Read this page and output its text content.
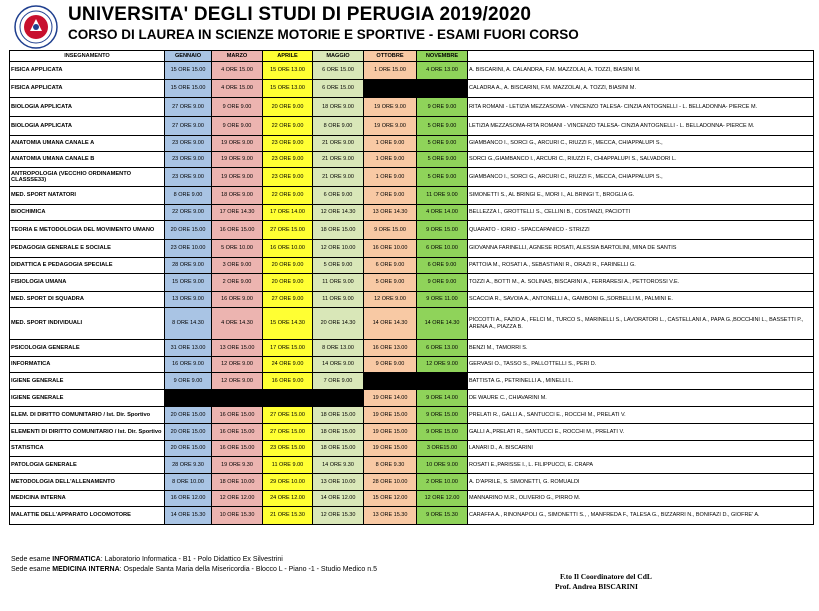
UNIVERSITA' DEGLI STUDI DI PERUGIA 2019/2020
CORSO DI LAUREA IN SCIENZE MOTORIE E SPORTIVE - ESAMI FUORI CORSO
INSEGNAMENTO	GENNAIO	MARZO	APRILE	MAGGIO	OTTOBRE	NOVEMBRE	
FISICA APPLICATA	15 ORE 15.00	4 ORE 15.00	15 ORE 13.00	6 ORE 15.00	1 ORE 15.00	4 ORE 13.00	A. BISCARINI, A. CALANDRA, F.M. MAZZOLAI, A. TOZZI, BIASINI M.
FISICA APPLICATA	15 ORE 15.00	4 ORE 15.00	15 ORE 13.00	6 ORE 15.00			CALADRA A., A. BISCARINI, F.M. MAZZOLAI, A. TOZZI, BIASINI M.
BIOLOGIA APPLICATA	27 ORE 9.00	9 ORE 9.00	20 ORE 9.00	18 ORE 9.00	19 ORE 9.00	9 ORE 9.00	RITA ROMANI - LETIZIA MEZZASOMA - VINCENZO TALESA- CINZIA ANTOGNELLI - L. BELLADONNA- PIERCE M.
BIOLOGIA APPLICATA	27 ORE 9.00	9 ORE 9.00	22 ORE 9.00	8 ORE 9.00	19 ORE 9.00	5 ORE 9.00	LETIZIA MEZZASOMA-RITA ROMANI - VINCENZO TALESA- CINZIA ANTOGNELLI - L. BELLADONNA- PIERCE M.
ANATOMIA UMANA CANALE A	23 ORE 9.00	19 ORE 9.00	23 ORE 9.00	21 ORE 9.00	1 ORE 9.00	5 ORE 9.00	GIAMBANCO I., SORCI G., ARCURI C., RIUZZI F., MECCA, CHIAPPALUPI S.,
ANATOMIA UMANA CANALE B	23 ORE 9.00	19 ORE 9.00	23 ORE 9.00	21 ORE 9.00	1 ORE 9.00	5 ORE 9.00	SORCI G.,GIAMBANCO I., ARCURI C., RIUZZI F., CHIAPPALUPI S., SALVADORI L.
ANTROPOLOGIA (VECCHIO ORDINAMENTO CLASSSE33)	23 ORE 9.00	19 ORE 9.00	23 ORE 9.00	21 ORE 9.00	1 ORE 9.00	5 ORE 9.00	GIAMBANCO I., SORCI G., ARCURI C., RIUZZI F., MECCA, CHIAPPALUPI S.,
MED. SPORT NATATORI	8 ORE 9.00	18 ORE 9.00	22 ORE 9.00	6 ORE 9.00	7 ORE 9.00	11 ORE 9.00	SIMONETTI S., AL BRINGI E., MORI I., AL BRINGI T., BROGLIA G.
BIOCHIMICA	22 ORE 9.00	17 ORE 14.30	17 ORE 14.00	12 ORE 14.30	13 ORE 14.30	4 ORE 14.00	BELLEZZA I., GROTTELLI S., CELLINI B., COSTANZI, PACIOTTI
TEORIA E METODOLOGIA DEL MOVIMENTO UMANO	20 ORE 15.00	16 ORE 15.00	27 ORE 15.00	18 ORE 15.00	9 ORE 15.00	9 ORE 15.00	QUARATO - IORIO - SPACCAPANICO - STRIZZI
PEDAGOGIA GENERALE E SOCIALE	23 ORE 10.00	5 ORE 10.00	16 ORE 10.00	12 ORE 10.00	16 ORE 10.00	6 ORE 10.00	GIOVANNA FARINELLI, AGNESE ROSATI, ALESSIA BARTOLINI, MINA DE SANTIS
DIDATTICA E PEDAGOGIA SPECIALE	28 ORE 9.00	3 ORE 9.00	20 ORE 9.00	5 ORE 9.00	6 ORE 9.00	6 ORE 9.00	PATTOIA M., ROSATI A., SEBASTIANI R., ORAZI R., FARINELLI G.
FISIOLOGIA UMANA	15 ORE 9.00	2 ORE 9.00	20 ORE 9.00	11 ORE 9.00	5 ORE 9.00	9 ORE 9.00	TOZZI A., BOTTI M., A. SOLINAS, BISCARINI A., FERRARESI A., PETTOROSSI V.E.
MED. SPORT DI SQUADRA	13 ORE 9.00	16 ORE 9.00	27 ORE 9.00	11 ORE 9.00	12 ORE 9.00	9 ORE 11.00	SCACCIA R., SAVOIA A., ANTONELLI A., GAMBONI G.,SORBELLI M., PALMINI E.
MED. SPORT INDIVIDUALI	8 ORE 14.30	4 ORE 14.30	15 ORE 14.30	20 ORE 14.30	14 ORE 14.30	14 ORE 14.30	PICCOTTI A., FAZIO A., FELCI M., TURCO S., MARINELLI S., LAVORATORI L., CASTELLANI A., PAPA G.,BOCCHINI L., BASSETTI P., ARENA A., PIAZZA B.
PSICOLOGIA GENERALE	31 ORE 13.00	13 ORE 15.00	17 ORE 15.00	8 ORE 13.00	16 ORE 13.00	6 ORE 13.00	BENZI M., TAMORRI S.
INFORMATICA	16 ORE 9.00	12 ORE 9.00	24 ORE 9.00	14 ORE 9.00	9 ORE 9.00	12 ORE 9.00	GERVASI O., TASSO S., PALLOTTELLI S., PERI D.
IGIENE GENERALE	9 ORE 9.00	12 ORE 9.00	16 ORE 9.00	7 ORE 9.00			BATTISTA G., PETRINELLI A., MINELLI L.
IGIENE GENERALE					19 ORE 14.00	9 ORE 14.00	DE WAURE C., CHIAVARINI M.
ELEM. DI DIRITTO COMUNITARIO / Ist. Dir. Sportivo	20 ORE 15.00	16 ORE 15.00	27 ORE 15.00	18 ORE 15.00	19 ORE 15.00	9 ORE 15.00	PRELATI R., GALLI A., SANTUCCI E., ROCCHI M., PRELATI V.
ELEMENTI DI DIRITTO COMUNITARIO / Ist. Dir. Sportivo	20 ORE 15.00	16 ORE 15.00	27 ORE 15.00	18 ORE 15.00	19 ORE 15.00	9 ORE 15.00	GALLI A.,PRELATI R., SANTUCCI E., ROCCHI M., PRELATI V.
STATISTICA	20 ORE 15.00	16 ORE 15.00	23 ORE 15.00	18 ORE 15.00	19 ORE 15.00	3 ORE15.00	LANARI D., A. BISCARINI
PATOLOGIA GENERALE	28 ORE 9.30	19 ORE 9.30	11 ORE 9.00	14 ORE 9.30	8 ORE 9.30	10 ORE 9.00	ROSATI E.,PARISSE I., L. FILIPPUCCI, E. CRAPA
METODOLOGIA DELL'ALLENAMENTO	8 ORE 10.00	18 ORE 10.00	29 ORE 10.00	13 ORE 10.00	28 ORE 10.00	2 ORE 10.00	A. D'APRILE, S. SIMONETTI, G. ROMUALDI
MEDICINA INTERNA	16 ORE 12.00	12 ORE 12.00	24 ORE 12.00	14 ORE 12.00	15 ORE 12.00	12 ORE 12.00	MANNARINO M.R., OLIVERIO G., PIRRO M.
MALATTIE DELL'APPARATO LOCOMOTORE	14 ORE 15.30	10 ORE 15.30	21 ORE 15.30	12 ORE 15.30	13 ORE 15.30	9 ORE 15.30	CARAFFA A., RINONAPOLI G., SIMONETTI S., , MANFREDA F., TALESA G., BIZZARRI N., BONIFAZI D., GIOFRE' A.
Sede esame INFORMATICA: Laboratorio Informatica - B1 - Polo Didattico Ex Silvestrini
Sede esame MEDICINA INTERNA: Ospedale Santa Maria della Misericordia - Blocco L - Piano -1 - Studio Medico n.5
F.to Il Coordinatore del CdL
Prof. Andrea BISCARINI
